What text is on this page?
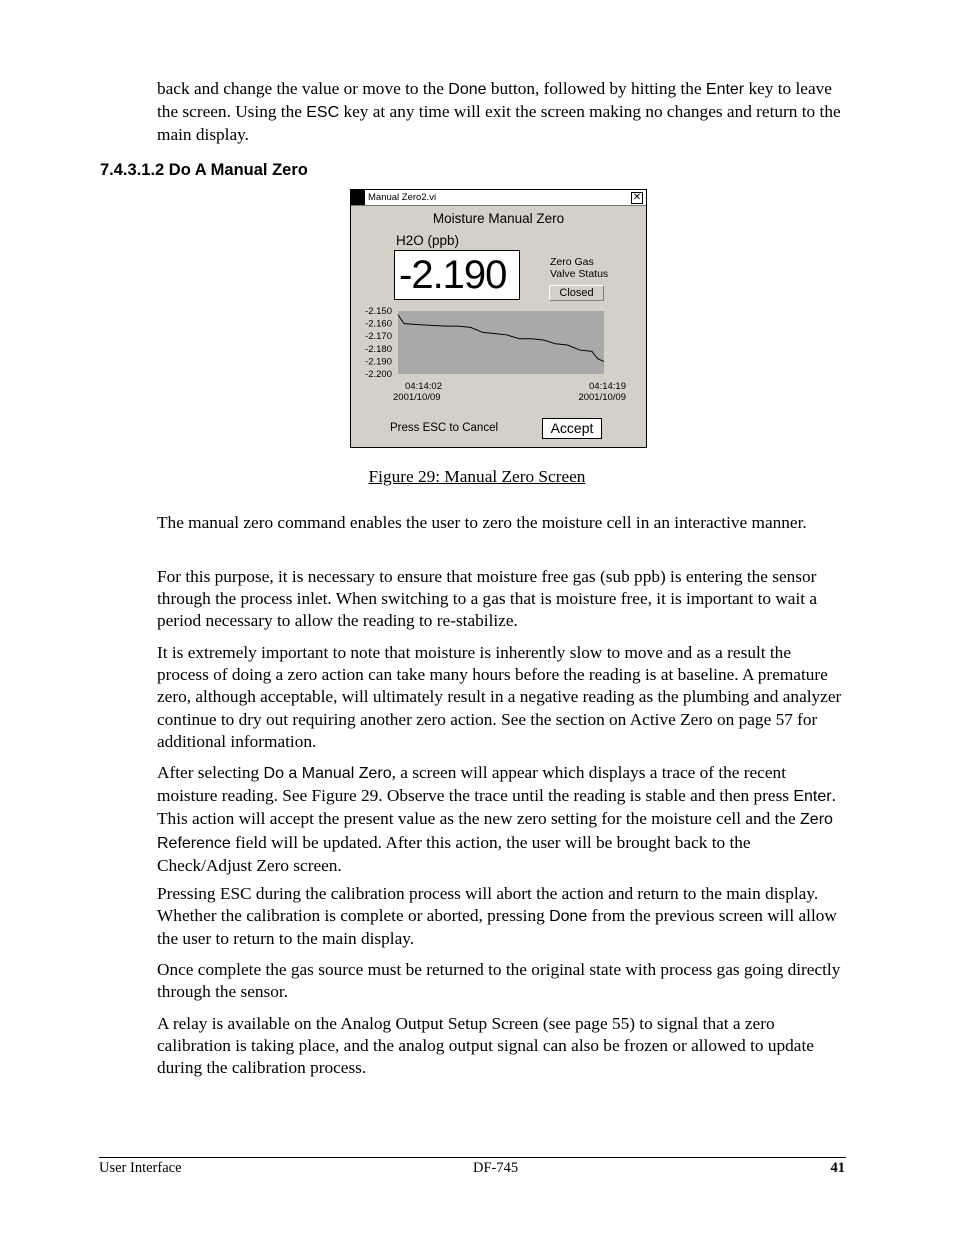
back and change the value or move to the Done button, followed by hitting the Enter key to leave the screen. Using the ESC key at any time will exit the screen making no changes and return to the main display.

7.4.3.1.2 Do A Manual Zero
Manual Zero2.vi	✕
Moisture Manual Zero
H2O (ppb)
-2.190	Zero Gas
Valve Status
Closed
-2.150
-2.160
-2.170
-2.180
-2.190
-2.200
04:14:02
2001/10/09
04:14:19
2001/10/09
Press ESC to Cancel	Accept
Figure 29: Manual Zero Screen

The manual zero command enables the user to zero the moisture cell in an interactive manner.

For this purpose, it is necessary to ensure that moisture free gas (sub ppb) is entering the sensor through the process inlet. When switching to a gas that is moisture free, it is important to wait a period necessary to allow the reading to re-stabilize.

It is extremely important to note that moisture is inherently slow to move and as a result the process of doing a zero action can take many hours before the reading is at baseline. A premature zero, although acceptable, will ultimately result in a negative reading as the plumbing and analyzer continue to dry out requiring another zero action. See the section on Active Zero on page 57 for additional information.

After selecting Do a Manual Zero, a screen will appear which displays a trace of the recent moisture reading. See Figure 29. Observe the trace until the reading is stable and then press Enter. This action will accept the present value as the new zero setting for the moisture cell and the Zero Reference field will be updated. After this action, the user will be brought back to the Check/Adjust Zero screen.

Pressing ESC during the calibration process will abort the action and return to the main display. Whether the calibration is complete or aborted, pressing Done from the previous screen will allow the user to return to the main display.

Once complete the gas source must be returned to the original state with process gas going directly through the sensor.

A relay is available on the Analog Output Setup Screen (see page 55) to signal that a zero calibration is taking place, and the analog output signal can also be frozen or allowed to update during the calibration process.

User Interface	DF-745	41
